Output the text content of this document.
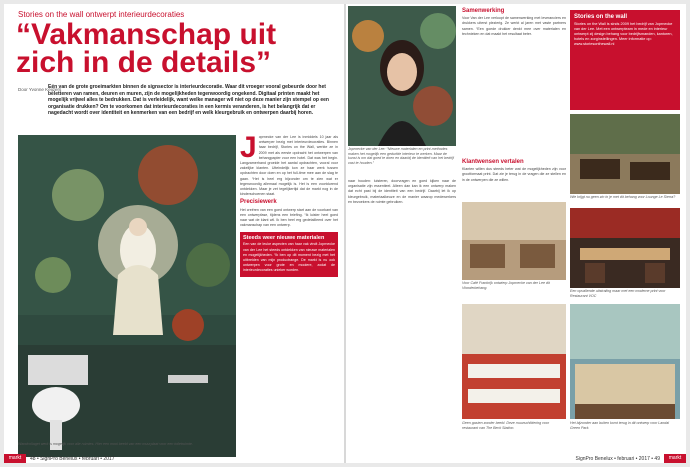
Stories on the wall ontwerpt interieurdecoraties
“Vakmanschap uit
zich in de details”
Door Yvonne Keijzers
Eén van de grote groeimarkten binnen de signsector is interieurdecoratie. Waar dit vroeger vooral gebeurde door het beletteren van ramen, deuren en muren, zijn de mogelijkheden tegenwoordig ongekend. Digitaal printen maakt het mogelijk vrijwel alles te bedrukken. Dat is verleidelijk, want welke manager wil niet op deze manier zijn stempel op een organisatie drukken? Om te voorkomen dat interieurdecoraties in een kermis veranderen, is het belangrijk dat er nagedacht wordt over identiteit en kenmerken van een bedrijf en welk kleurgebruik en ontwerpen daarbij horen.
Wandcollaget werk is mogelijk voor alle ruimtes. Hier een mooi beeld van een muurplaat voor een toiletruimte.
J oprnecke van der Lee is inmiddels 10 jaar als ontwerper bezig met interieurdecoraties. Binnen haar bedrijf, Stories on the Wall, werkte ze in 2009 met als eerste opdracht het ontwerpen van behangpapier voor een hotel. Dat was het begin. Langzamerhand groeide het aantal opdrachten, vooral voor zakelijke klanten. Uiteindelijk kon ze haar werk tussen opdrachten door doen en op het full-time mee aan de slag te gaan. “Het is heel erg bijzonder om te zien wat er tegenwoordig allemaal mogelijk is. Het is een voortdurend ontdekken. Maar je zet tegelijkertijd dat de markt nog in de kinderschoenen staat.
Precisiewerk
Het creëren van een goed ontwerp start aan de voorkant van een ontwerpfase, tijdens een briefing. “Ik luister heel goed naar wat de klant wil. Ik ben heel erg gedetailleerd over het vakmanschap van een ontwerp.
Steeds weer nieuwe materialen
Een van de leuke aspecten van haar vak vindt Joprnecke van der Lee het steeds ontdekken van nieuwe materialen en mogelijkheden. “Ik ben op dit moment bezig met het uitbreiden van mijn productrange. De markt is nu ook ontwerpen voor grote en mooiere, zodat de interieurdecoraties unieker worden.
markt	48 • SignPro Benelux • februari • 2017
Joprnecke van der Lee: “Nieuwe materialen en print-methodes maken het mogelijk een gedurfde interieur te werken. Maar de kunst is om dat goed te doen en daarbij de identiteit van het bedrijf vast te houden.”
naar houden: luisteren, doorvragen en goed kijken naar de organisatie zijn essentieel. Alleen dan kan ik een ontwerp maken dat echt past bij de identiteit van een bedrijf. Daarbij let ik op kleurgebruik, materiaalkeuze en de manier waarop medewerkers en bezoekers de ruimte gebruiken.
Samenwerking
Voor Van der Lee verloopt de samenwerking met leveranciers en drukkers uiterst plezierig. Ze werkt al jaren met vaste partners samen. “Een goede drukker denkt mee over materialen en technieken en dat maakt het resultaat beter.
Klantwensen vertalen
Klanten willen dus steeds beter wat de mogelijkheden zijn voor grootformaat print. Dat zie je terug in de vragen die ze stellen en in de ontwerpen die ze willen.
Stories on the wall
Stories on the Wall is sinds 2009 het bedrijf van Joprnecke van der Lee. Met een ontwerpteam in mede en interieur ontwerpt zij design behang voor bedrijfsmanden, kantoren, hotels en zorginstellingen. Meer informatie op: www.storiesonthewall.nl
Wie krijgt nu geen zin in je met dit behang voor Lounge Le Sierra?
Voor Café Frankrijk ontwierp Joprnecke van der Lee dit Vlonderbehang.
Een opvallende uitstraling maar met een moderne print voor Restaurant VOC
Geen gasten zonder beeld. Deze muurschildering voor restaurant van The Beck Station.
Het bijzonder aan buiten komt terug in dit ontwerp voor Landal Green Park.
SignPro Benelux • februari • 2017 • 49	markt
